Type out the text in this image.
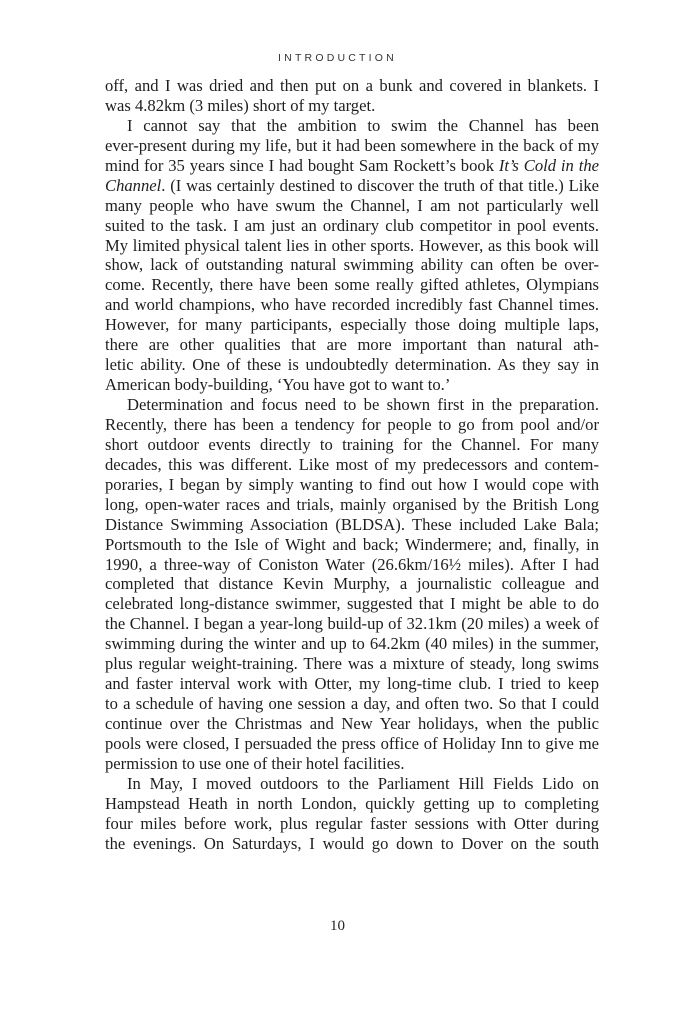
INTRODUCTION
off, and I was dried and then put on a bunk and covered in blankets. I
was 4.82km (3 miles) short of my target.
I cannot say that the ambition to swim the Channel has been
ever-present during my life, but it had been somewhere in the back of my
mind for 35 years since I had bought Sam Rockett’s book It’s Cold in the
Channel. (I was certainly destined to discover the truth of that title.) Like
many people who have swum the Channel, I am not particularly well
suited to the task. I am just an ordinary club competitor in pool events.
My limited physical talent lies in other sports. However, as this book will
show, lack of outstanding natural swimming ability can often be over-
come. Recently, there have been some really gifted athletes, Olympians
and world champions, who have recorded incredibly fast Channel times.
However, for many participants, especially those doing multiple laps,
there are other qualities that are more important than natural ath-
letic ability. One of these is undoubtedly determination. As they say in
American body-building, ‘You have got to want to.’
Determination and focus need to be shown first in the preparation.
Recently, there has been a tendency for people to go from pool and/or
short outdoor events directly to training for the Channel. For many
decades, this was different. Like most of my predecessors and contem-
poraries, I began by simply wanting to find out how I would cope with
long, open-water races and trials, mainly organised by the British Long
Distance Swimming Association (BLDSA). These included Lake Bala;
Portsmouth to the Isle of Wight and back; Windermere; and, finally, in
1990, a three-way of Coniston Water (26.6km/16½ miles). After I had
completed that distance Kevin Murphy, a journalistic colleague and
celebrated long-distance swimmer, suggested that I might be able to do
the Channel. I began a year-long build-up of 32.1km (20 miles) a week of
swimming during the winter and up to 64.2km (40 miles) in the summer,
plus regular weight-training. There was a mixture of steady, long swims
and faster interval work with Otter, my long-time club. I tried to keep
to a schedule of having one session a day, and often two. So that I could
continue over the Christmas and New Year holidays, when the public
pools were closed, I persuaded the press office of Holiday Inn to give me
permission to use one of their hotel facilities.
In May, I moved outdoors to the Parliament Hill Fields Lido on
Hampstead Heath in north London, quickly getting up to completing
four miles before work, plus regular faster sessions with Otter during
the evenings. On Saturdays, I would go down to Dover on the south
10
